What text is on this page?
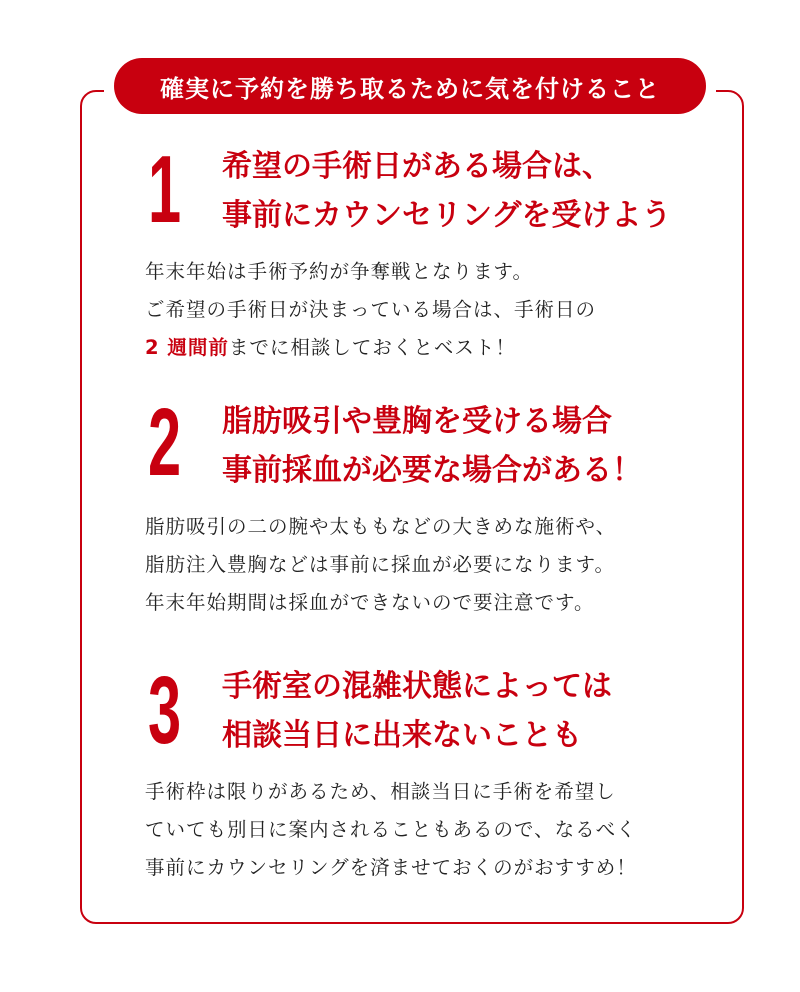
確実に予約を勝ち取るために気を付けること
1 希望の手術日がある場合は、
事前にカウンセリングを受けよう
年末年始は手術予約が争奪戦となります。
ご希望の手術日が決まっている場合は、手術日の
2 週間前までに相談しておくとベスト！
2 脂肪吸引や豊胸を受ける場合
事前採血が必要な場合がある！
脂肪吸引の二の腕や太ももなどの大きめな施術や、
脂肪注入豊胸などは事前に採血が必要になります。
年末年始期間は採血ができないので要注意です。
3 手術室の混雑状態によっては
相談当日に出来ないことも
手術枠は限りがあるため、相談当日に手術を希望し
ていても別日に案内されることもあるので、なるべく
事前にカウンセリングを済ませておくのがおすすめ！
